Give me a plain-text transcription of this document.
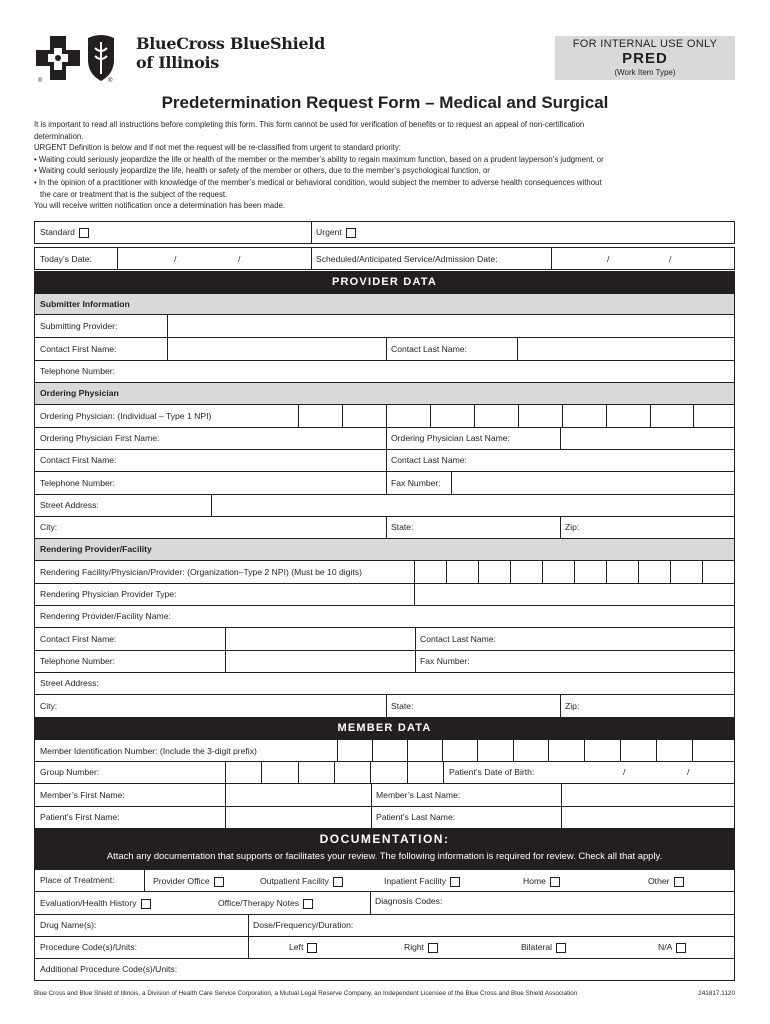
®	®
BlueCross BlueShield
of Illinois
FOR INTERNAL USE ONLY
PRED
(Work Item Type)
Predetermination Request Form – Medical and Surgical

It is important to read all instructions before completing this form. This form cannot be used for verification of benefits or to request an appeal of non-certification

determination.

URGENT Definition is below and if not met the request will be re-classified from urgent to standard priority:

• Waiting could seriously jeopardize the life or health of the member or the member’s ability to regain maximum function, based on a prudent layperson’s judgment, or

• Waiting could seriously jeopardize the life, health or safety of the member or others, due to the member’s psychological function, or

• In the opinion of a practitioner with knowledge of the member’s medical or behavioral condition, would subject the member to adverse health consequences without

the care or treatment that is the subject of the request.

You will receive written notification once a determination has been made.

Standard	Urgent
Today’s Date:	/	/	Scheduled/Anticipated Service/Admission Date:	/	/
PROVIDER DATA
Submitter Information
Submitting Provider:
Contact First Name:	Contact Last Name:
Telephone Number:
Ordering Physician
Ordering Physician: (Individual – Type 1 NPI)
Ordering Physician First Name:	Ordering Physician Last Name:
Contact First Name:	Contact Last Name:
Telephone Number:	Fax Number:
Street Address:
City:	State:	Zip:
Rendering Provider/Facility
Rendering Facility/Physician/Provider: (Organization–Type 2 NPI) (Must be 10 digits)
Rendering Physician Provider Type:
Rendering Provider/Facility Name:
Contact First Name:	Contact Last Name:
Telephone Number:	Fax Number:
Street Address:
City:	State:	Zip:
MEMBER DATA
Member Identification Number: (Include the 3-digit prefix)
Group Number:	Patient’s Date of Birth:	/	/
Member’s First Name:	Member’s Last Name:
Patient’s First Name:	Patient’s Last Name:
DOCUMENTATION:
Attach any documentation that supports or facilitates your review. The following information is required for review. Check all that apply.
Place of Treatment:	Provider Office	Outpatient Facility	Inpatient Facility	Home	Other
Evaluation/Health History	Office/Therapy Notes	Diagnosis Codes:
Drug Name(s):	Dose/Frequency/Duration:
Procedure Code(s)/Units:	Left	Right	Bilateral	N/A
Additional Procedure Code(s)/Units:
Blue Cross and Blue Shield of Illinois, a Division of Health Care Service Corporation, a Mutual Legal Reserve Company, an Independent Licensee of the Blue Cross and Blue Shield Association	241817.1120
